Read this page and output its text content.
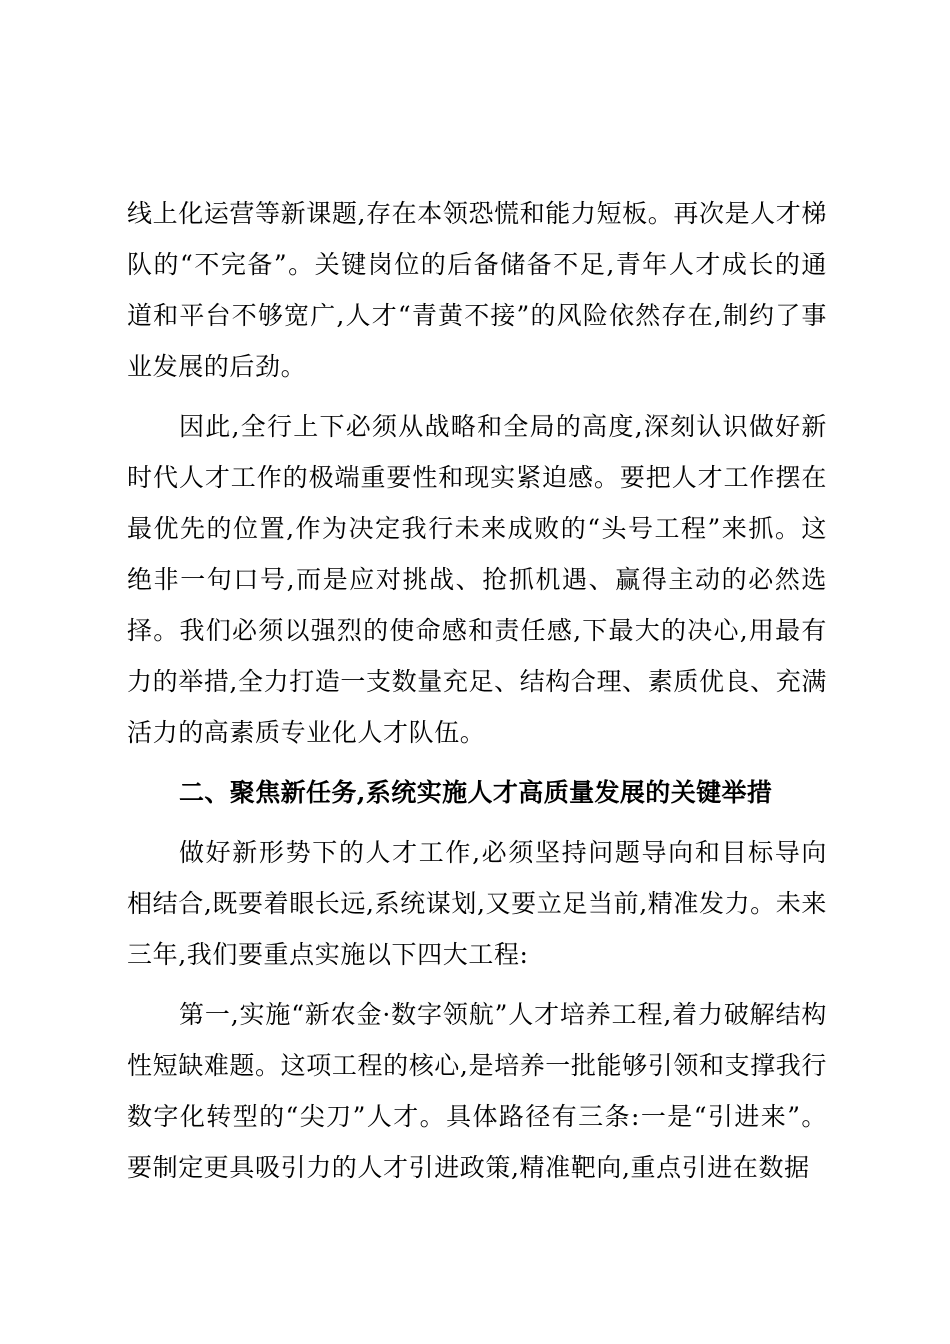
线上化运营等新课题,存在本领恐慌和能力短板。再次是人才梯队的“不完备”。关键岗位的后备储备不足,青年人才成长的通道和平台不够宽广,人才“青黄不接”的风险依然存在,制约了事业发展的后劲。

因此,全行上下必须从战略和全局的高度,深刻认识做好新时代人才工作的极端重要性和现实紧迫感。要把人才工作摆在最优先的位置,作为决定我行未来成败的“头号工程”来抓。这绝非一句口号,而是应对挑战、抢抓机遇、赢得主动的必然选择。我们必须以强烈的使命感和责任感,下最大的决心,用最有力的举措,全力打造一支数量充足、结构合理、素质优良、充满活力的高素质专业化人才队伍。

二、聚焦新任务,系统实施人才高质量发展的关键举措

做好新形势下的人才工作,必须坚持问题导向和目标导向相结合,既要着眼长远,系统谋划,又要立足当前,精准发力。未来三年,我们要重点实施以下四大工程:

第一,实施“新农金·数字领航”人才培养工程,着力破解结构性短缺难题。这项工程的核心,是培养一批能够引领和支撑我行数字化转型的“尖刀”人才。具体路径有三条:一是“引进来”。要制定更具吸引力的人才引进政策,精准靶向,重点引进在数据
